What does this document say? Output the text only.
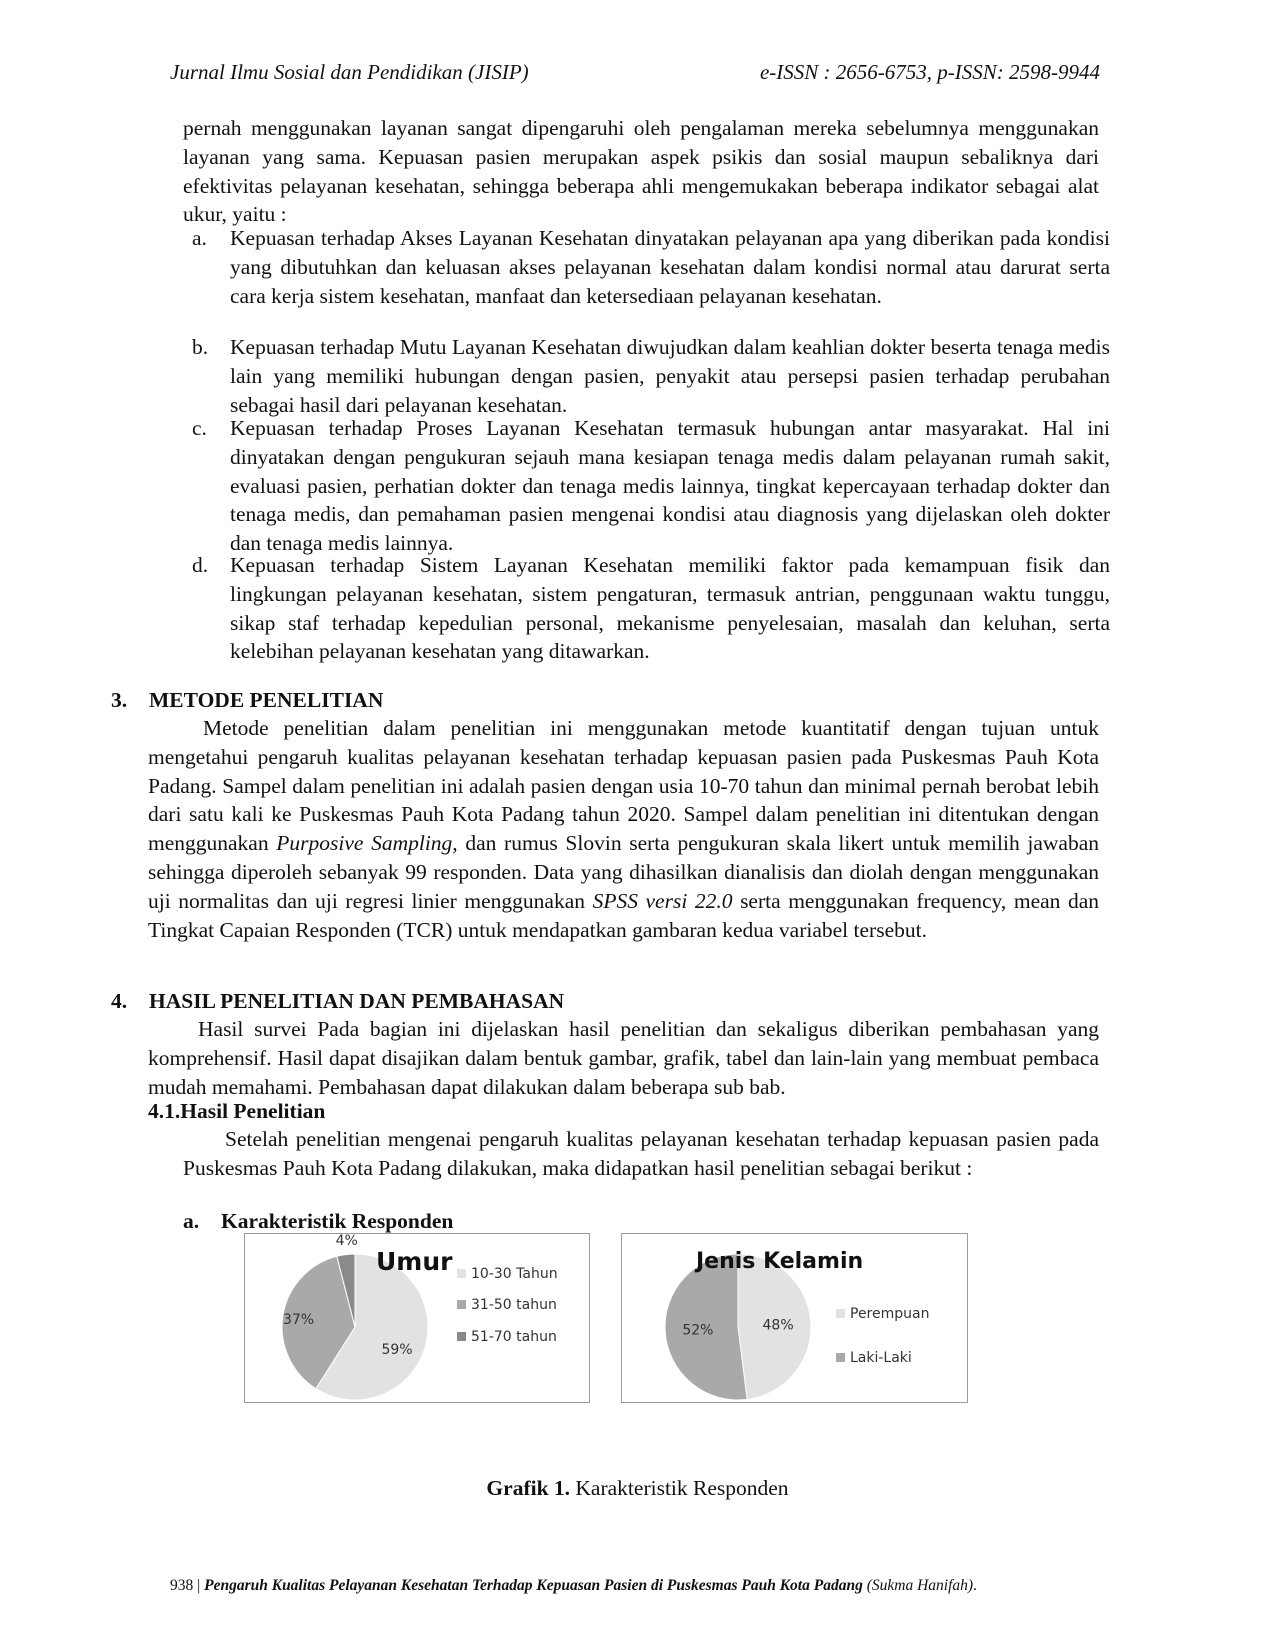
Jurnal Ilmu Sosial dan Pendidikan (JISIP)	e-ISSN : 2656-6753, p-ISSN: 2598-9944

pernah menggunakan layanan sangat dipengaruhi oleh pengalaman mereka sebelumnya menggunakan layanan yang sama. Kepuasan pasien merupakan aspek psikis dan sosial maupun sebaliknya dari efektivitas pelayanan kesehatan, sehingga beberapa ahli mengemukakan beberapa indikator sebagai alat ukur, yaitu :

a. Kepuasan terhadap Akses Layanan Kesehatan dinyatakan pelayanan apa yang diberikan pada kondisi yang dibutuhkan dan keluasan akses pelayanan kesehatan dalam kondisi normal atau darurat serta cara kerja sistem kesehatan, manfaat dan ketersediaan pelayanan kesehatan.
b. Kepuasan terhadap Mutu Layanan Kesehatan diwujudkan dalam keahlian dokter beserta tenaga medis lain yang memiliki hubungan dengan pasien, penyakit atau persepsi pasien terhadap perubahan sebagai hasil dari pelayanan kesehatan.
c. Kepuasan terhadap Proses Layanan Kesehatan termasuk hubungan antar masyarakat. Hal ini dinyatakan dengan pengukuran sejauh mana kesiapan tenaga medis dalam pelayanan rumah sakit, evaluasi pasien, perhatian dokter dan tenaga medis lainnya, tingkat kepercayaan terhadap dokter dan tenaga medis, dan pemahaman pasien mengenai kondisi atau diagnosis yang dijelaskan oleh dokter dan tenaga medis lainnya.
d. Kepuasan terhadap Sistem Layanan Kesehatan memiliki faktor pada kemampuan fisik dan lingkungan pelayanan kesehatan, sistem pengaturan, termasuk antrian, penggunaan waktu tunggu, sikap staf terhadap kepedulian personal, mekanisme penyelesaian, masalah dan keluhan, serta kelebihan pelayanan kesehatan yang ditawarkan.
3. METODE PENELITIAN

Metode penelitian dalam penelitian ini menggunakan metode kuantitatif dengan tujuan untuk mengetahui pengaruh kualitas pelayanan kesehatan terhadap kepuasan pasien pada Puskesmas Pauh Kota Padang. Sampel dalam penelitian ini adalah pasien dengan usia 10-70 tahun dan minimal pernah berobat lebih dari satu kali ke Puskesmas Pauh Kota Padang tahun 2020. Sampel dalam penelitian ini ditentukan dengan menggunakan Purposive Sampling, dan rumus Slovin serta pengukuran skala likert untuk memilih jawaban sehingga diperoleh sebanyak 99 responden. Data yang dihasilkan dianalisis dan diolah dengan menggunakan uji normalitas dan uji regresi linier menggunakan SPSS versi 22.0 serta menggunakan frequency, mean dan Tingkat Capaian Responden (TCR) untuk mendapatkan gambaran kedua variabel tersebut.

4. HASIL PENELITIAN DAN PEMBAHASAN

Hasil survei Pada bagian ini dijelaskan hasil penelitian dan sekaligus diberikan pembahasan yang komprehensif. Hasil dapat disajikan dalam bentuk gambar, grafik, tabel dan lain-lain yang membuat pembaca mudah memahami. Pembahasan dapat dilakukan dalam beberapa sub bab.

4.1.Hasil Penelitian

Setelah penelitian mengenai pengaruh kualitas pelayanan kesehatan terhadap kepuasan pasien pada Puskesmas Pauh Kota Padang dilakukan, maka didapatkan hasil penelitian sebagai berikut :

a. Karakteristik Responden
59%
10-30 Tahun
37%
31-50 tahun
4%
51-70 tahun
Umur
48%
Perempuan
52%
Laki-Laki
Jenis Kelamin
Grafik 1. Karakteristik Responden
938 | Pengaruh Kualitas Pelayanan Kesehatan Terhadap Kepuasan Pasien di Puskesmas Pauh Kota Padang (Sukma Hanifah).
